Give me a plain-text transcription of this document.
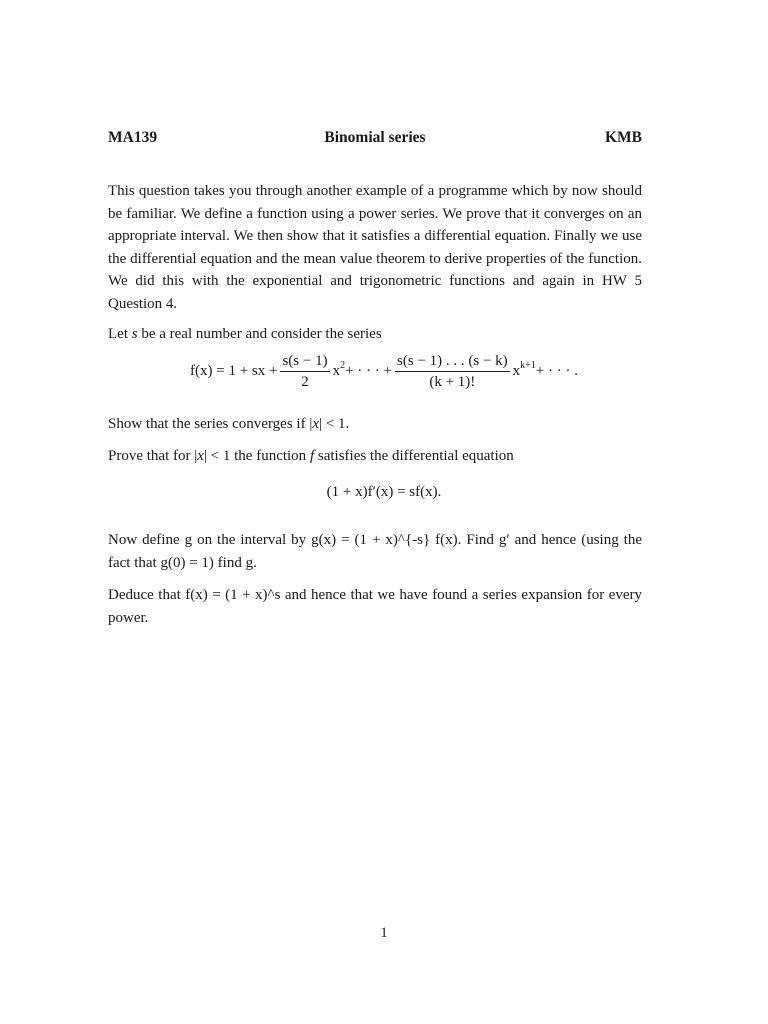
MA139	Binomial series	KMB
This question takes you through another example of a programme which by now should be familiar. We define a function using a power series. We prove that it converges on an appropriate interval. We then show that it satisfies a differential equation. Finally we use the differential equation and the mean value theorem to derive properties of the function. We did this with the exponential and trigonometric functions and again in HW 5 Question 4.
Let s be a real number and consider the series
f(x) = 1 + sx + $\frac{s(s - 1)}{2} x^2$ + · · · + $\frac{s(s - 1) . . . (s - k)}{(k + 1)!} x^{k+1}$ + · · · .
Show that the series converges if |x| < 1.
Prove that for |x| < 1 the function f satisfies the differential equation
(1 + x)f′(x) = sf(x).
Now define g on the interval by g(x) = (1 + x)^{-s} f(x). Find g′ and hence (using the fact that g(0) = 1) find g.
Deduce that f(x) = (1 + x)^s and hence that we have found a series expansion for every power.
1
